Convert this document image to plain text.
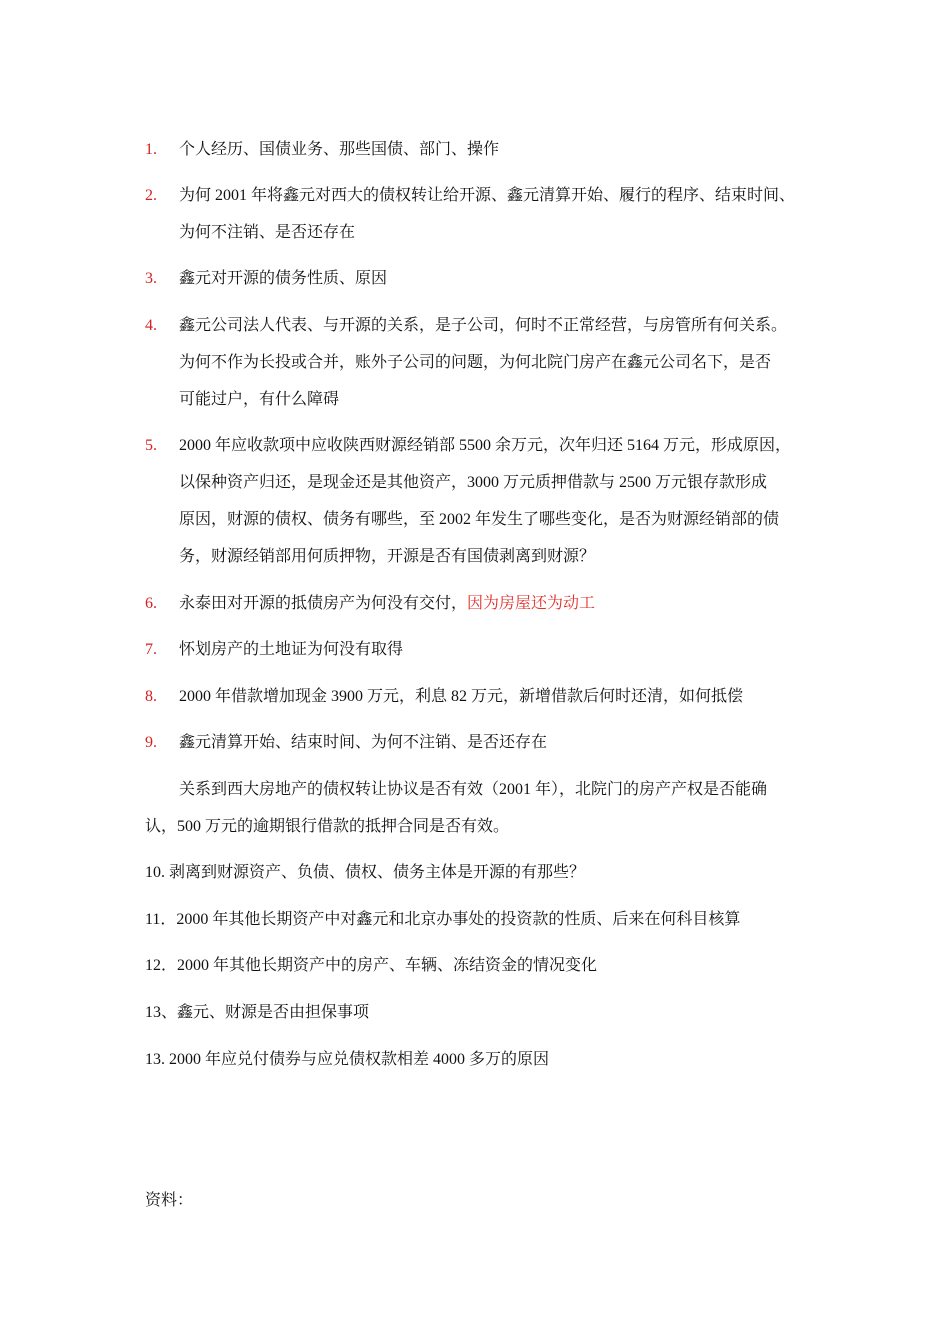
1. 个人经历、国债业务、那些国债、部门、操作
2. 为何 2001 年将鑫元对西大的债权转让给开源、鑫元清算开始、履行的程序、结束时间、
为何不注销、是否还存在
3. 鑫元对开源的债务性质、原因
4. 鑫元公司法人代表、与开源的关系，是子公司，何时不正常经营，与房管所有何关系。
为何不作为长投或合并，账外子公司的问题，为何北院门房产在鑫元公司名下，是否
可能过户，有什么障碍
5. 2000 年应收款项中应收陕西财源经销部 5500 余万元，次年归还 5164 万元，形成原因，
以保种资产归还，是现金还是其他资产，3000 万元质押借款与 2500 万元银存款形成
原因，财源的债权、债务有哪些，至 2002 年发生了哪些变化，是否为财源经销部的债
务，财源经销部用何质押物，开源是否有国债剥离到财源？
6. 永泰田对开源的抵债房产为何没有交付，因为房屋还为动工
7. 怀划房产的土地证为何没有取得
8. 2000 年借款增加现金 3900 万元，利息 82 万元，新增借款后何时还清，如何抵偿
9. 鑫元清算开始、结束时间、为何不注销、是否还存在
关系到西大房地产的债权转让协议是否有效（2001 年），北院门的房产产权是否能确
认，500 万元的逾期银行借款的抵押合同是否有效。
10. 剥离到财源资产、负债、债权、债务主体是开源的有那些？
11．2000 年其他长期资产中对鑫元和北京办事处的投资款的性质、后来在何科目核算
12．2000 年其他长期资产中的房产、车辆、冻结资金的情况变化
13、鑫元、财源是否由担保事项
13. 2000 年应兑付债券与应兑债权款相差 4000 多万的原因
资料：
